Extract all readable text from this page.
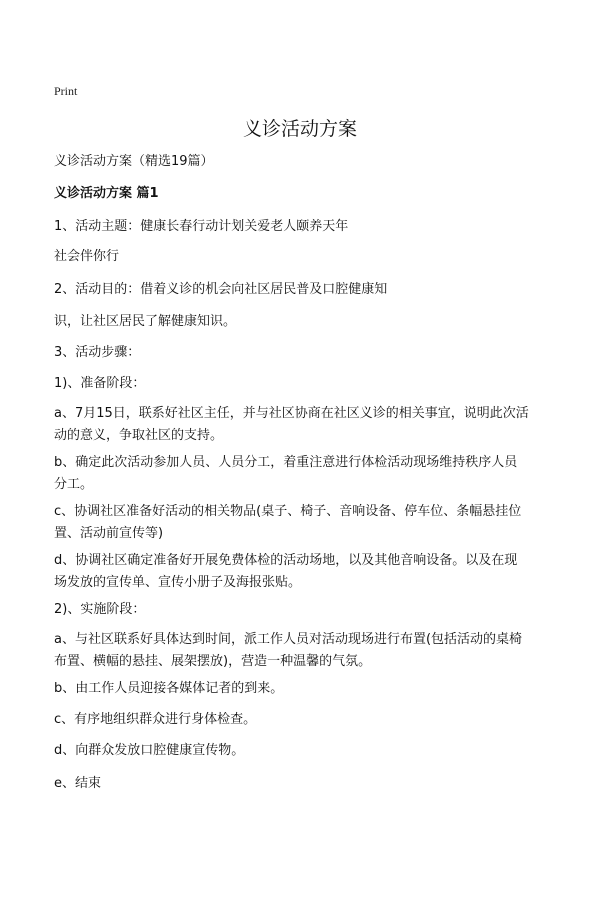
Print
义诊活动方案
义诊活动方案（精选19篇）
义诊活动方案 篇1
1、活动主题：健康长春行动计划关爱老人颐养天年
社会伴你行
2、活动目的：借着义诊的机会向社区居民普及口腔健康知
识，让社区居民了解健康知识。
3、活动步骤：
1)、准备阶段：
a、7月15日，联系好社区主任，并与社区协商在社区义诊的相关事宜，说明此次活
动的意义，争取社区的支持。
b、确定此次活动参加人员、人员分工，着重注意进行体检活动现场维持秩序人员
分工。
c、协调社区准备好活动的相关物品(桌子、椅子、音响设备、停车位、条幅悬挂位
置、活动前宣传等)
d、协调社区确定准备好开展免费体检的活动场地，以及其他音响设备。以及在现
场发放的宣传单、宣传小册子及海报张贴。
2)、实施阶段：
a、与社区联系好具体达到时间，派工作人员对活动现场进行布置(包括活动的桌椅
布置、横幅的悬挂、展架摆放)，营造一种温馨的气氛。
b、由工作人员迎接各媒体记者的到来。
c、有序地组织群众进行身体检查。
d、向群众发放口腔健康宣传物。
e、结束
